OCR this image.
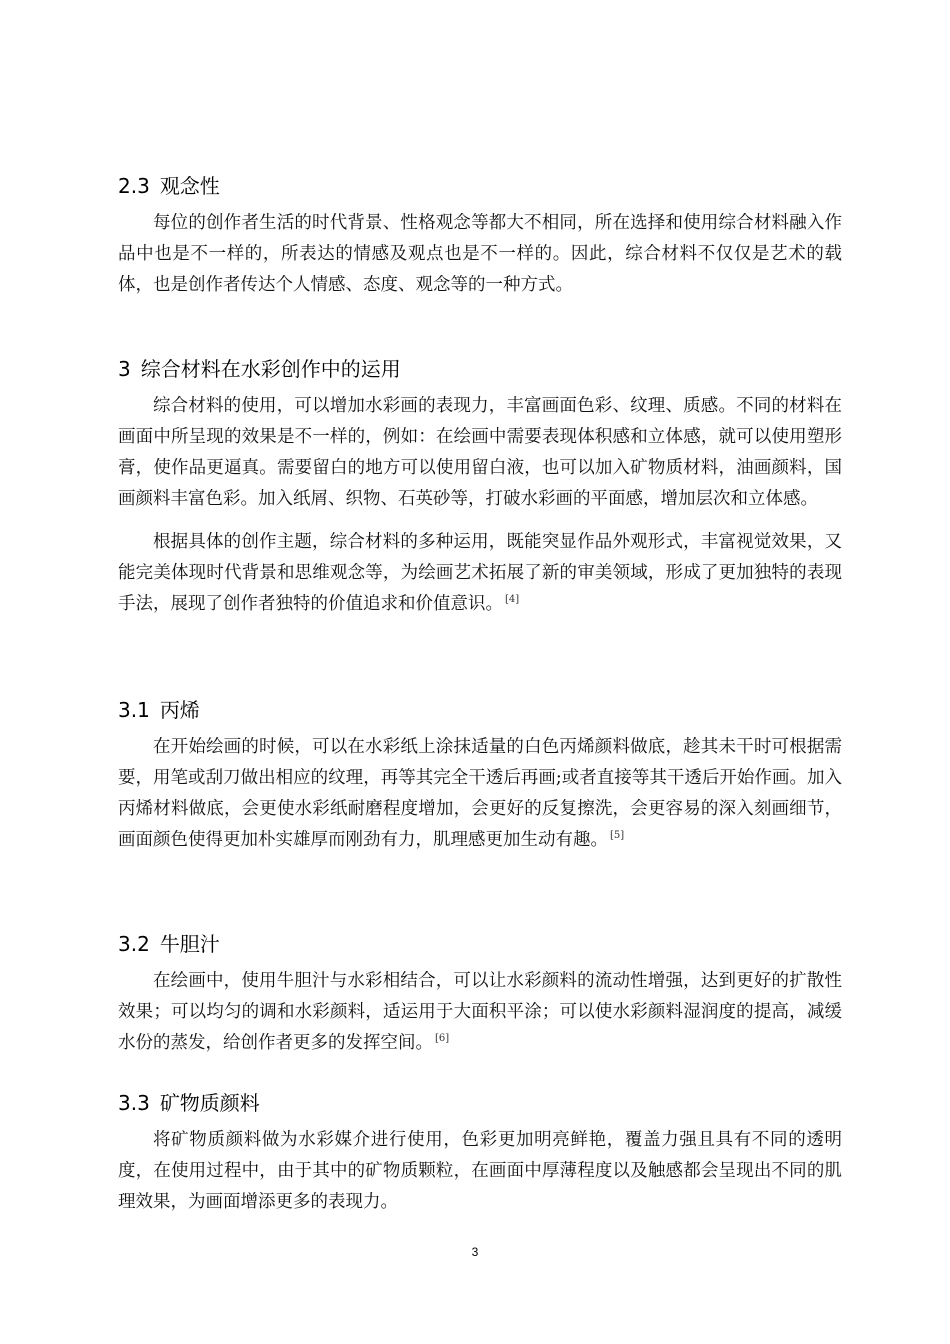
2.3 观念性

每位的创作者生活的时代背景、性格观念等都大不相同，所在选择和使用综合材料融入作品中也是不一样的，所表达的情感及观点也是不一样的。因此，综合材料不仅仅是艺术的载体，也是创作者传达个人情感、态度、观念等的一种方式。

3 综合材料在水彩创作中的运用

综合材料的使用，可以增加水彩画的表现力，丰富画面色彩、纹理、质感。不同的材料在画面中所呈现的效果是不一样的，例如：在绘画中需要表现体积感和立体感，就可以使用塑形膏，使作品更逼真。需要留白的地方可以使用留白液，也可以加入矿物质材料，油画颜料，国画颜料丰富色彩。加入纸屑、织物、石英砂等，打破水彩画的平面感，增加层次和立体感。

根据具体的创作主题，综合材料的多种运用，既能突显作品外观形式，丰富视觉效果，又能完美体现时代背景和思维观念等，为绘画艺术拓展了新的审美领域，形成了更加独特的表现手法，展现了创作者独特的价值追求和价值意识。 [4]

3.1 丙烯

在开始绘画的时候，可以在水彩纸上涂抹适量的白色丙烯颜料做底，趁其未干时可根据需要，用笔或刮刀做出相应的纹理，再等其完全干透后再画;或者直接等其干透后开始作画。加入丙烯材料做底，会更使水彩纸耐磨程度增加，会更好的反复擦洗，会更容易的深入刻画细节，画面颜色使得更加朴实雄厚而刚劲有力，肌理感更加生动有趣。 [5]

3.2 牛胆汁

在绘画中，使用牛胆汁与水彩相结合，可以让水彩颜料的流动性增强，达到更好的扩散性效果；可以均匀的调和水彩颜料，适运用于大面积平涂；可以使水彩颜料湿润度的提高，减缓水份的蒸发，给创作者更多的发挥空间。 [6]

3.3 矿物质颜料

将矿物质颜料做为水彩媒介进行使用，色彩更加明亮鲜艳，覆盖力强且具有不同的透明度，在使用过程中，由于其中的矿物质颗粒，在画面中厚薄程度以及触感都会呈现出不同的肌理效果，为画面增添更多的表现力。

3
